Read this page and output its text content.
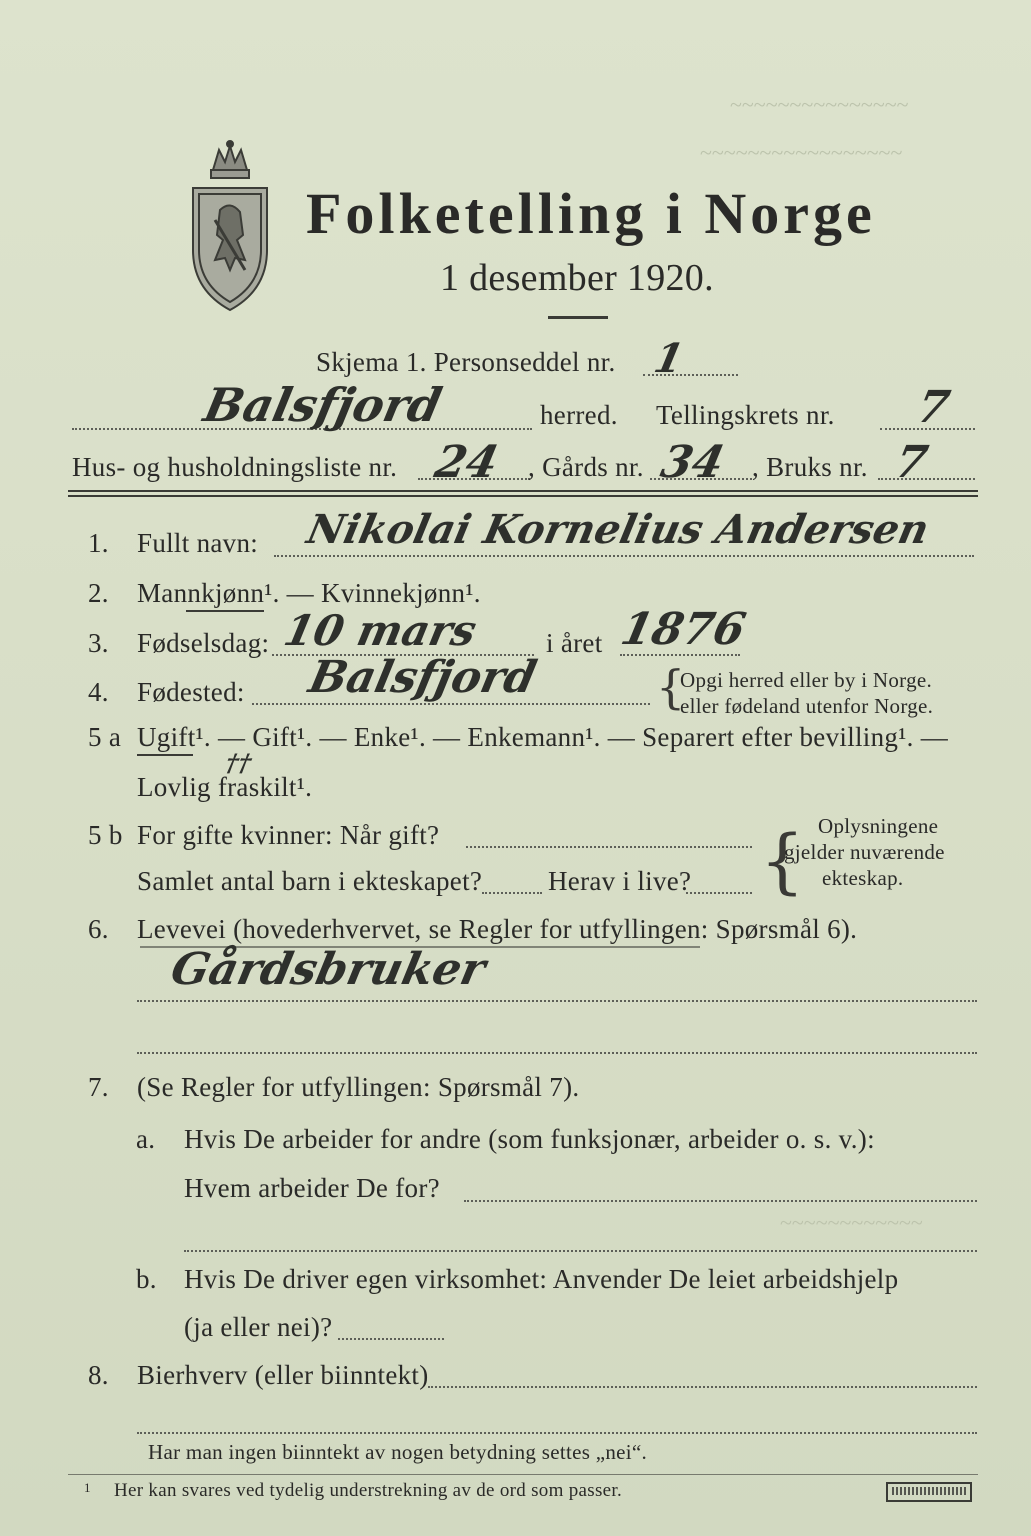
~~~~~~~~~~~~~~~
~~~~~~~~~~~~~~~~~
~~~~~~~~~~~~
Folketelling i Norge
1 desember 1920.
Skjema 1. Personseddel nr. 1
Balsfjord	herred. Tellingskrets nr. 7
Hus- og husholdningsliste nr. 24 , Gårds nr. 34 , Bruks nr. 7
1. Fullt navn: Nikolai Kornelius Andersen
2. Mannkjønn¹. — Kvinnekjønn¹.
3. Fødselsdag: 10 mars i året 1876
4. Fødested: Balsfjord	{
Opgi herred eller by i Norge.
eller fødeland utenfor Norge.
5 a Ugift¹. — Gift¹. — Enke¹. — Enkemann¹. — Separert efter bevilling¹. —
††
Lovlig fraskilt¹.
5 b For gifte kvinner: Når gift?
Samlet antal barn i ekteskapet? Herav i live? { Oplysningene
gjelder nuværende
ekteskap.
6. Levevei (hovederhvervet, se Regler for utfyllingen: Spørsmål 6).
Gårdsbruker
7. (Se Regler for utfyllingen: Spørsmål 7).
a. Hvis De arbeider for andre (som funksjonær, arbeider o. s. v.):
Hvem arbeider De for?
b. Hvis De driver egen virksomhet: Anvender De leiet arbeidshjelp
(ja eller nei)?
8. Bierhverv (eller biinntekt)
Har man ingen biinntekt av nogen betydning settes „nei“.
1 Her kan svares ved tydelig understrekning av de ord som passer.
